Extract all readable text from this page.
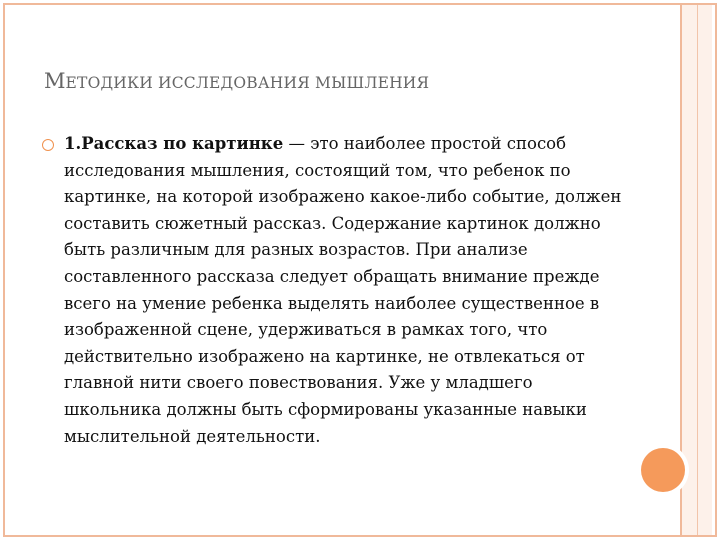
МЕТОДИКИ ИССЛЕДОВАНИЯ МЫШЛЕНИЯ

1.Рассказ по картинке — это наиболее простой способ исследования мышления, состоящий том, что ребенок по картинке, на которой изображено какое-либо событие, должен составить сюжетный рассказ. Содержание картинок должно быть различным для разных возрастов. При анализе составленного рассказа следует обращать внимание прежде всего на умение ребенка выделять наиболее существенное в изображенной сцене, удерживаться в рамках того, что действительно изображено на картинке, не отвлекаться от главной нити своего повествования. Уже у младшего школьника должны быть сформированы указанные навыки мыслительной деятельности.
